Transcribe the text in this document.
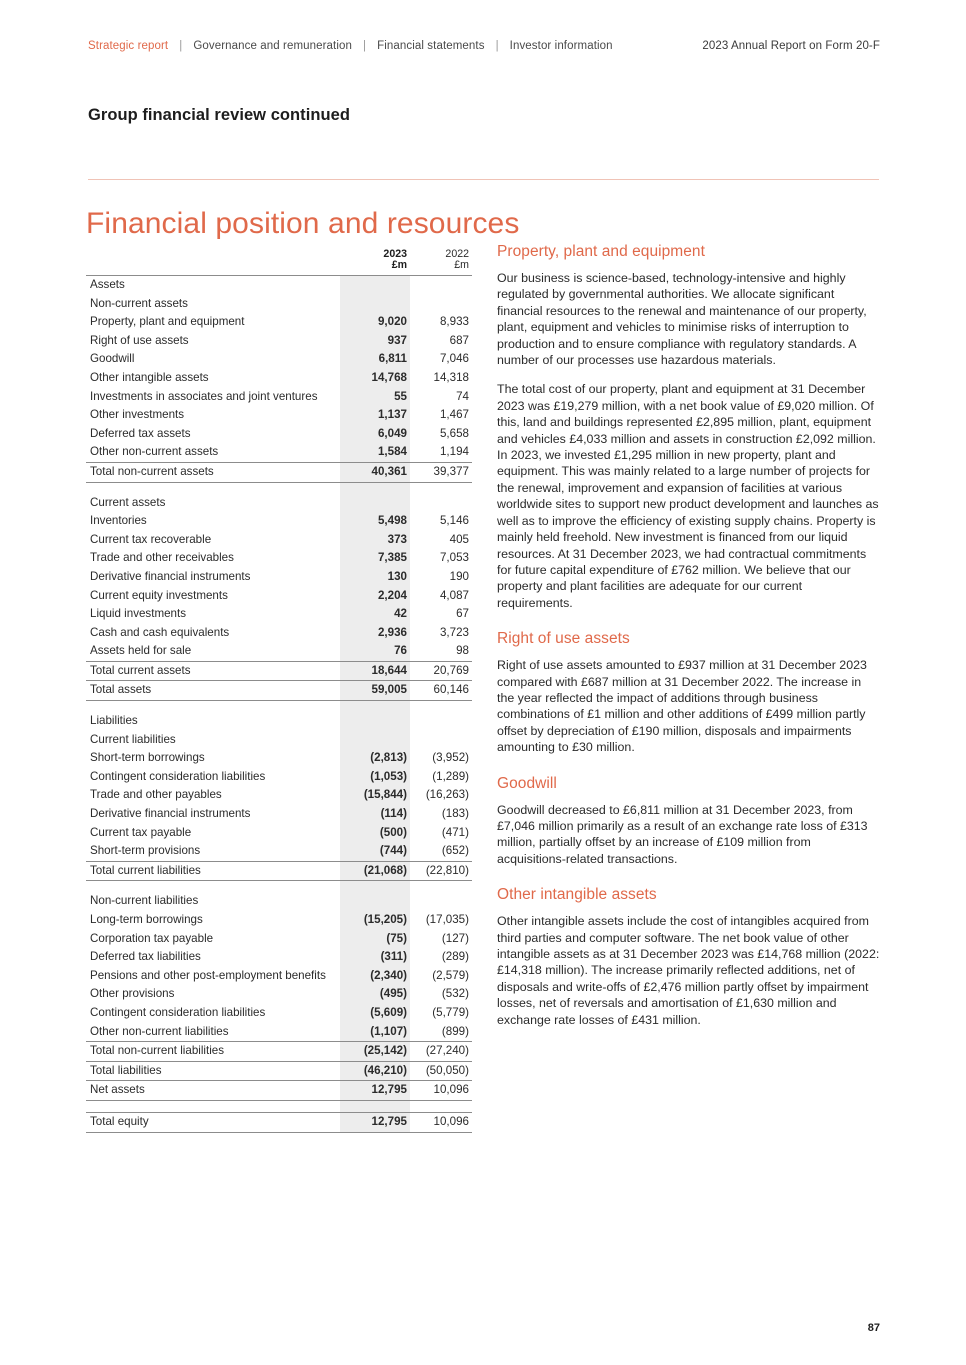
Strategic report | Governance and remuneration | Financial statements | Investor information	2023 Annual Report on Form 20-F
Group financial review continued
Financial position and resources

2023
£m

2022
£m

Assets		
Non-current assets		
Property, plant and equipment	9,020	8,933
Right of use assets	937	687
Goodwill	6,811	7,046
Other intangible assets	14,768	14,318
Investments in associates and joint ventures	55	74
Other investments	1,137	1,467
Deferred tax assets	6,049	5,658
Other non-current assets	1,584	1,194
Total non-current assets	40,361	39,377

Current assets		
Inventories	5,498	5,146
Current tax recoverable	373	405
Trade and other receivables	7,385	7,053
Derivative financial instruments	130	190
Current equity investments	2,204	4,087
Liquid investments	42	67
Cash and cash equivalents	2,936	3,723
Assets held for sale	76	98
Total current assets	18,644	20,769
Total assets	59,005	60,146

Liabilities		
Current liabilities		
Short-term borrowings	(2,813)	(3,952)
Contingent consideration liabilities	(1,053)	(1,289)
Trade and other payables	(15,844)	(16,263)
Derivative financial instruments	(114)	(183)
Current tax payable	(500)	(471)
Short-term provisions	(744)	(652)
Total current liabilities	(21,068)	(22,810)

Non-current liabilities		
Long-term borrowings	(15,205)	(17,035)
Corporation tax payable	(75)	(127)
Deferred tax liabilities	(311)	(289)
Pensions and other post-employment benefits	(2,340)	(2,579)
Other provisions	(495)	(532)
Contingent consideration liabilities	(5,609)	(5,779)
Other non-current liabilities	(1,107)	(899)
Total non-current liabilities	(25,142)	(27,240)
Total liabilities	(46,210)	(50,050)
Net assets	12,795	10,096

Total equity	12,795	10,096
Property, plant and equipment

Our business is science-based, technology-intensive and highly regulated by governmental authorities. We allocate significant financial resources to the renewal and maintenance of our property, plant, equipment and vehicles to minimise risks of interruption to production and to ensure compliance with regulatory standards. A number of our processes use hazardous materials.

The total cost of our property, plant and equipment at 31 December 2023 was £19,279 million, with a net book value of £9,020 million. Of this, land and buildings represented £2,895 million, plant, equipment and vehicles £4,033 million and assets in construction £2,092 million. In 2023, we invested £1,295 million in new property, plant and equipment. This was mainly related to a large number of projects for the renewal, improvement and expansion of facilities at various worldwide sites to support new product development and launches as well as to improve the efficiency of existing supply chains. Property is mainly held freehold. New investment is financed from our liquid resources. At 31 December 2023, we had contractual commitments for future capital expenditure of £762 million. We believe that our property and plant facilities are adequate for our current requirements.

Right of use assets

Right of use assets amounted to £937 million at 31 December 2023 compared with £687 million at 31 December 2022. The increase in the year reflected the impact of additions through business combinations of £1 million and other additions of £499 million partly offset by depreciation of £190 million, disposals and impairments amounting to £30 million.

Goodwill

Goodwill decreased to £6,811 million at 31 December 2023, from £7,046 million primarily as a result of an exchange rate loss of £313 million, partially offset by an increase of £109 million from acquisitions-related transactions.

Other intangible assets

Other intangible assets include the cost of intangibles acquired from third parties and computer software. The net book value of other intangible assets as at 31 December 2023 was £14,768 million (2022: £14,318 million). The increase primarily reflected additions, net of disposals and write-offs of £2,476 million partly offset by impairment losses, net of reversals and amortisation of £1,630 million and exchange rate losses of £431 million.

87
